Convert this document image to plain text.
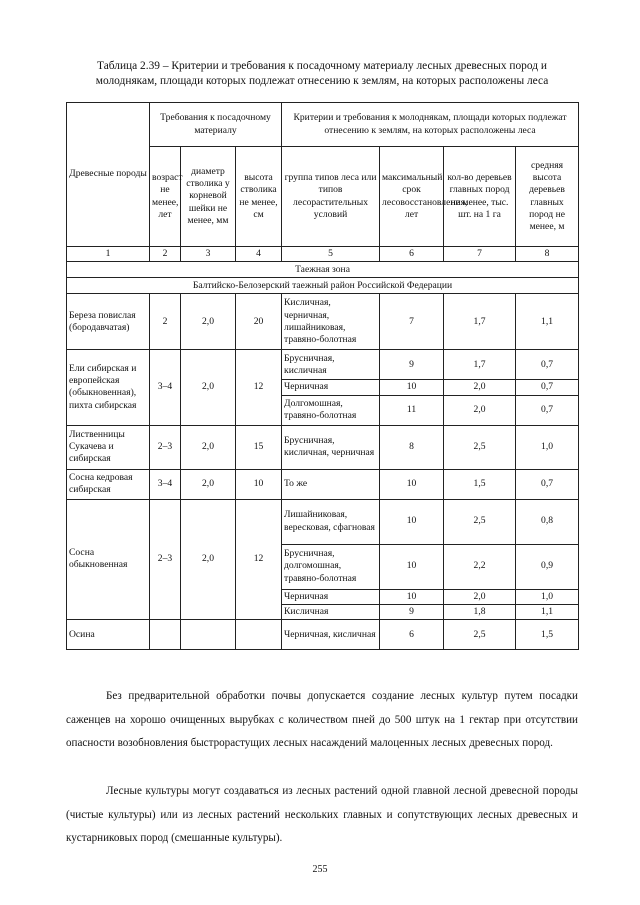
Таблица 2.39 – Критерии и требования к посадочному материалу лесных древесных пород и молоднякам, площади которых подлежат отнесению к землям, на которых расположены леса
Древесные породы	Требования к посадочному материалу			Критерии и требования к молоднякам, площади которых подлежат отнесению к землям, на которых расположены леса			
	возраст не менее, лет	диаметр стволика у корневой шейки не менее, мм	высота стволика не менее, см	группа типов леса или типов лесорастительных условий	максимальный срок лесовосстановления, лет	кол-во деревьев главных пород не менее, тыс. шт. на 1 га	средняя высота деревьев главных пород не менее, м
1	2	3	4	5	6	7	8
Таежная зона							
Балтийско-Белозерский таежный район Российской Федерации							
Береза повислая (бородавчатая)	2	2,0	20	Кисличная, черничная, лишайниковая, травяно-болотная	7	1,7	1,1
Ели сибирская и европейская (обыкновенная), пихта сибирская	3–4	2,0	12	Брусничная, кисличная	9	1,7	0,7
				Черничная	10	2,0	0,7
				Долгомошная, травяно-болотная	11	2,0	0,7
Лиственницы Сукачева и сибирская	2–3	2,0	15	Брусничная, кисличная, черничная	8	2,5	1,0
Сосна кедровая сибирская	3–4	2,0	10	То же	10	1,5	0,7
Сосна обыкновенная	2–3	2,0	12	Лишайниковая, вересковая, сфагновая	10	2,5	0,8
				Брусничная, долгомошная, травяно-болотная	10	2,2	0,9
				Черничная	10	2,0	1,0
				Кисличная	9	1,8	1,1
Осина				Черничная, кисличная	6	2,5	1,5
Без предварительной обработки почвы допускается создание лесных культур путем посадки саженцев на хорошо очищенных вырубках с количеством пней до 500 штук на 1 гектар при отсутствии опасности возобновления быстрорастущих лесных насаждений малоценных лесных древесных пород.
Лесные культуры могут создаваться из лесных растений одной главной лесной древесной породы (чистые культуры) или из лесных растений нескольких главных и сопутствующих лесных древесных и кустарниковых пород (смешанные культуры).
255
